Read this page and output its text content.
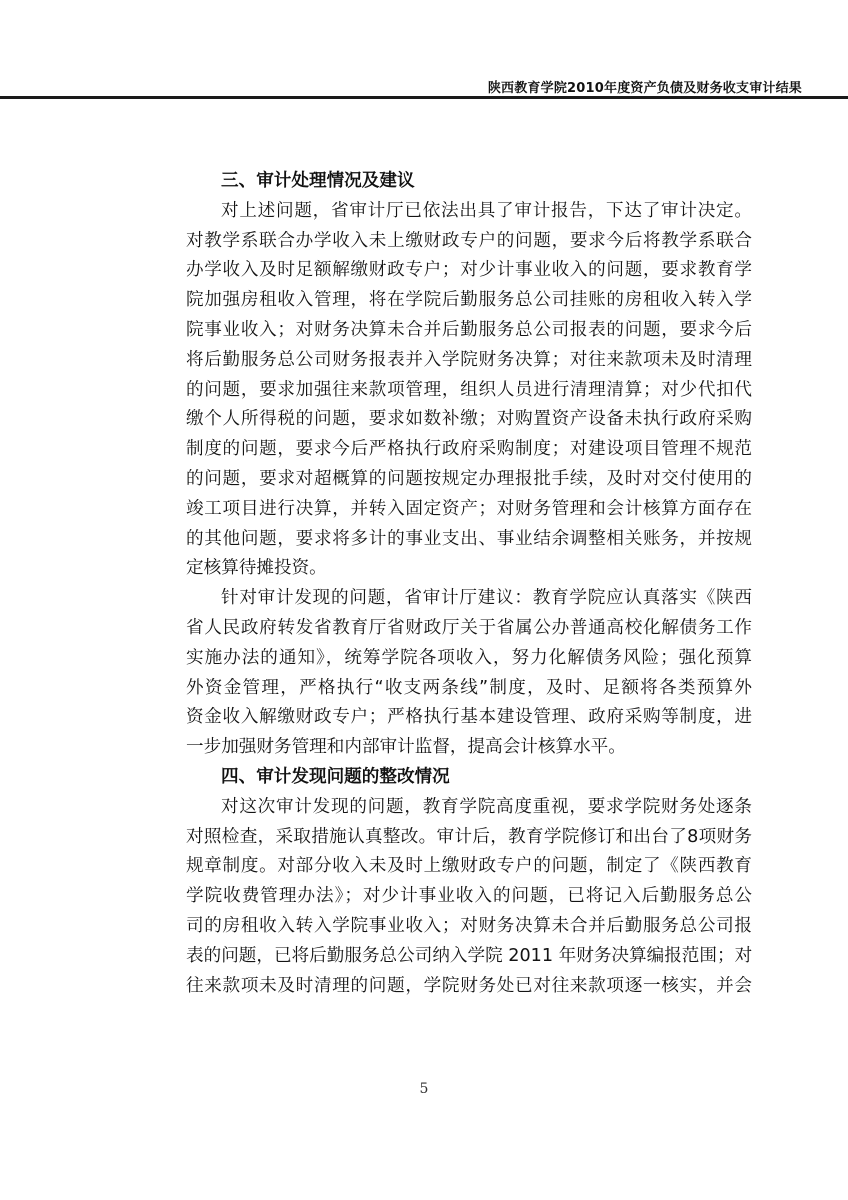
陕西教育学院2010年度资产负债及财务收支审计结果

三、审计处理情况及建议

对上述问题，省审计厅已依法出具了审计报告，下达了审计决定。
对教学系联合办学收入未上缴财政专户的问题，要求今后将教学系联合
办学收入及时足额解缴财政专户；对少计事业收入的问题，要求教育学
院加强房租收入管理，将在学院后勤服务总公司挂账的房租收入转入学
院事业收入；对财务决算未合并后勤服务总公司报表的问题，要求今后
将后勤服务总公司财务报表并入学院财务决算；对往来款项未及时清理
的问题，要求加强往来款项管理，组织人员进行清理清算；对少代扣代
缴个人所得税的问题，要求如数补缴；对购置资产设备未执行政府采购
制度的问题，要求今后严格执行政府采购制度；对建设项目管理不规范
的问题，要求对超概算的问题按规定办理报批手续，及时对交付使用的
竣工项目进行决算，并转入固定资产；对财务管理和会计核算方面存在
的其他问题，要求将多计的事业支出、事业结余调整相关账务，并按规
定核算待摊投资。
针对审计发现的问题，省审计厅建议：教育学院应认真落实《陕西
省人民政府转发省教育厅省财政厅关于省属公办普通高校化解债务工作
实施办法的通知》，统筹学院各项收入，努力化解债务风险；强化预算
外资金管理，严格执行“收支两条线”制度，及时、足额将各类预算外
资金收入解缴财政专户；严格执行基本建设管理、政府采购等制度，进
一步加强财务管理和内部审计监督，提高会计核算水平。

四、审计发现问题的整改情况

对这次审计发现的问题，教育学院高度重视，要求学院财务处逐条
对照检查，采取措施认真整改。审计后，教育学院修订和出台了8项财务
规章制度。对部分收入未及时上缴财政专户的问题，制定了《陕西教育
学院收费管理办法》；对少计事业收入的问题，已将记入后勤服务总公
司的房租收入转入学院事业收入；对财务决算未合并后勤服务总公司报
表的问题，已将后勤服务总公司纳入学院 2011 年财务决算编报范围；对
往来款项未及时清理的问题，学院财务处已对往来款项逐一核实，并会
5
